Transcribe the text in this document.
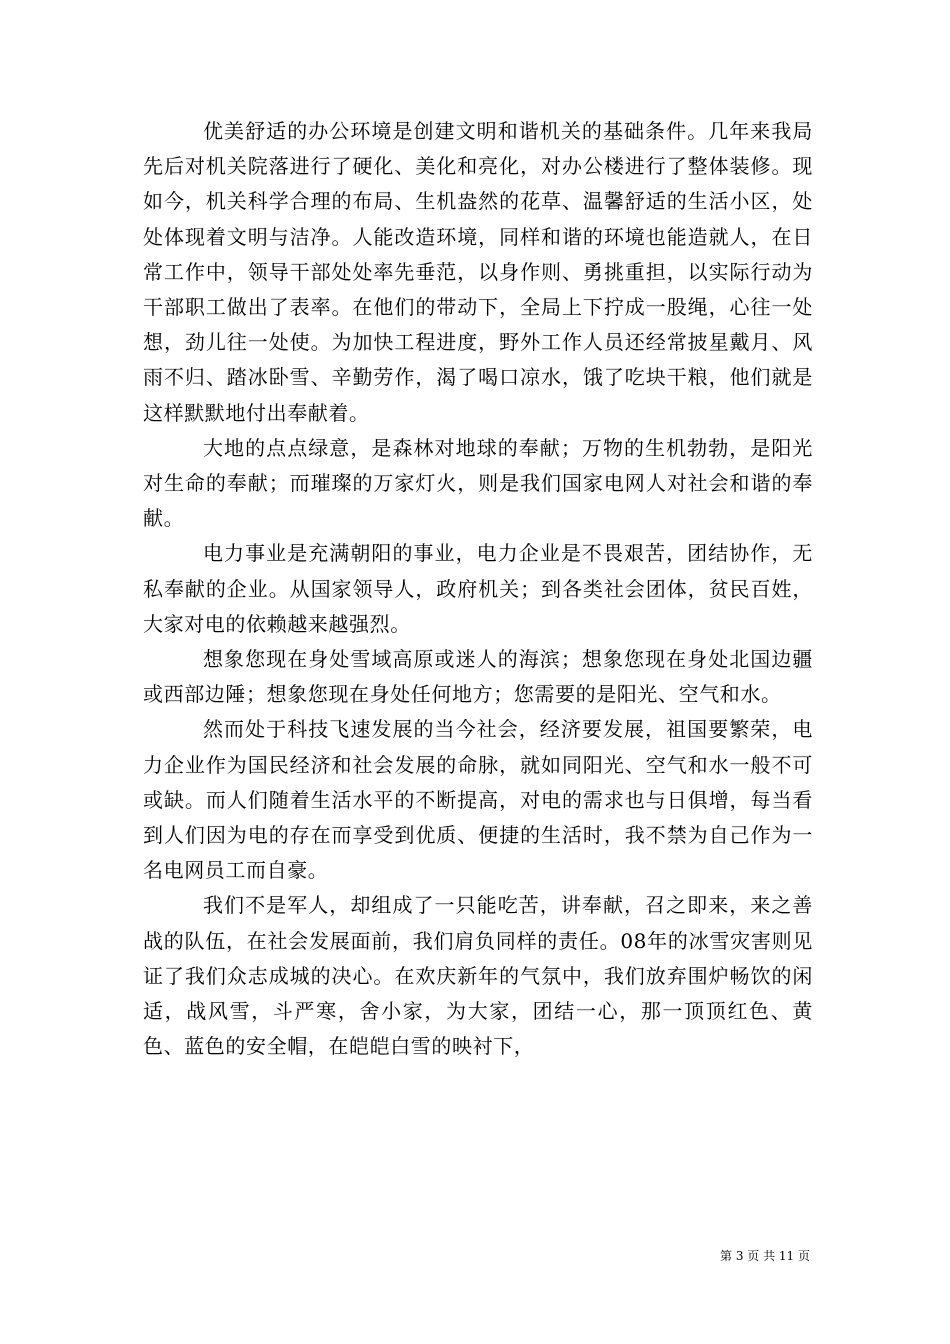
优美舒适的办公环境是创建文明和谐机关的基础条件。几年来我局先后对机关院落进行了硬化、美化和亮化，对办公楼进行了整体装修。现如今，机关科学合理的布局、生机盎然的花草、温馨舒适的生活小区，处处体现着文明与洁净。人能改造环境，同样和谐的环境也能造就人，在日常工作中，领导干部处处率先垂范，以身作则、勇挑重担，以实际行动为干部职工做出了表率。在他们的带动下，全局上下拧成一股绳，心往一处想，劲儿往一处使。为加快工程进度，野外工作人员还经常披星戴月、风雨不归、踏冰卧雪、辛勤劳作，渴了喝口凉水，饿了吃块干粮，他们就是这样默默地付出奉献着。

大地的点点绿意，是森林对地球的奉献；万物的生机勃勃，是阳光对生命的奉献；而璀璨的万家灯火，则是我们国家电网人对社会和谐的奉献。

电力事业是充满朝阳的事业，电力企业是不畏艰苦，团结协作，无私奉献的企业。从国家领导人，政府机关；到各类社会团体，贫民百姓，大家对电的依赖越来越强烈。

想象您现在身处雪域高原或迷人的海滨；想象您现在身处北国边疆或西部边陲；想象您现在身处任何地方；您需要的是阳光、空气和水。

然而处于科技飞速发展的当今社会，经济要发展，祖国要繁荣，电力企业作为国民经济和社会发展的命脉，就如同阳光、空气和水一般不可或缺。而人们随着生活水平的不断提高，对电的需求也与日俱增，每当看到人们因为电的存在而享受到优质、便捷的生活时，我不禁为自己作为一名电网员工而自豪。

我们不是军人，却组成了一只能吃苦，讲奉献，召之即来，来之善战的队伍，在社会发展面前，我们肩负同样的责任。08年的冰雪灾害则见证了我们众志成城的决心。在欢庆新年的气氛中，我们放弃围炉畅饮的闲适，战风雪，斗严寒，舍小家，为大家，团结一心，那一顶顶红色、黄色、蓝色的安全帽，在皑皑白雪的映衬下，

第 3 页 共 11 页
